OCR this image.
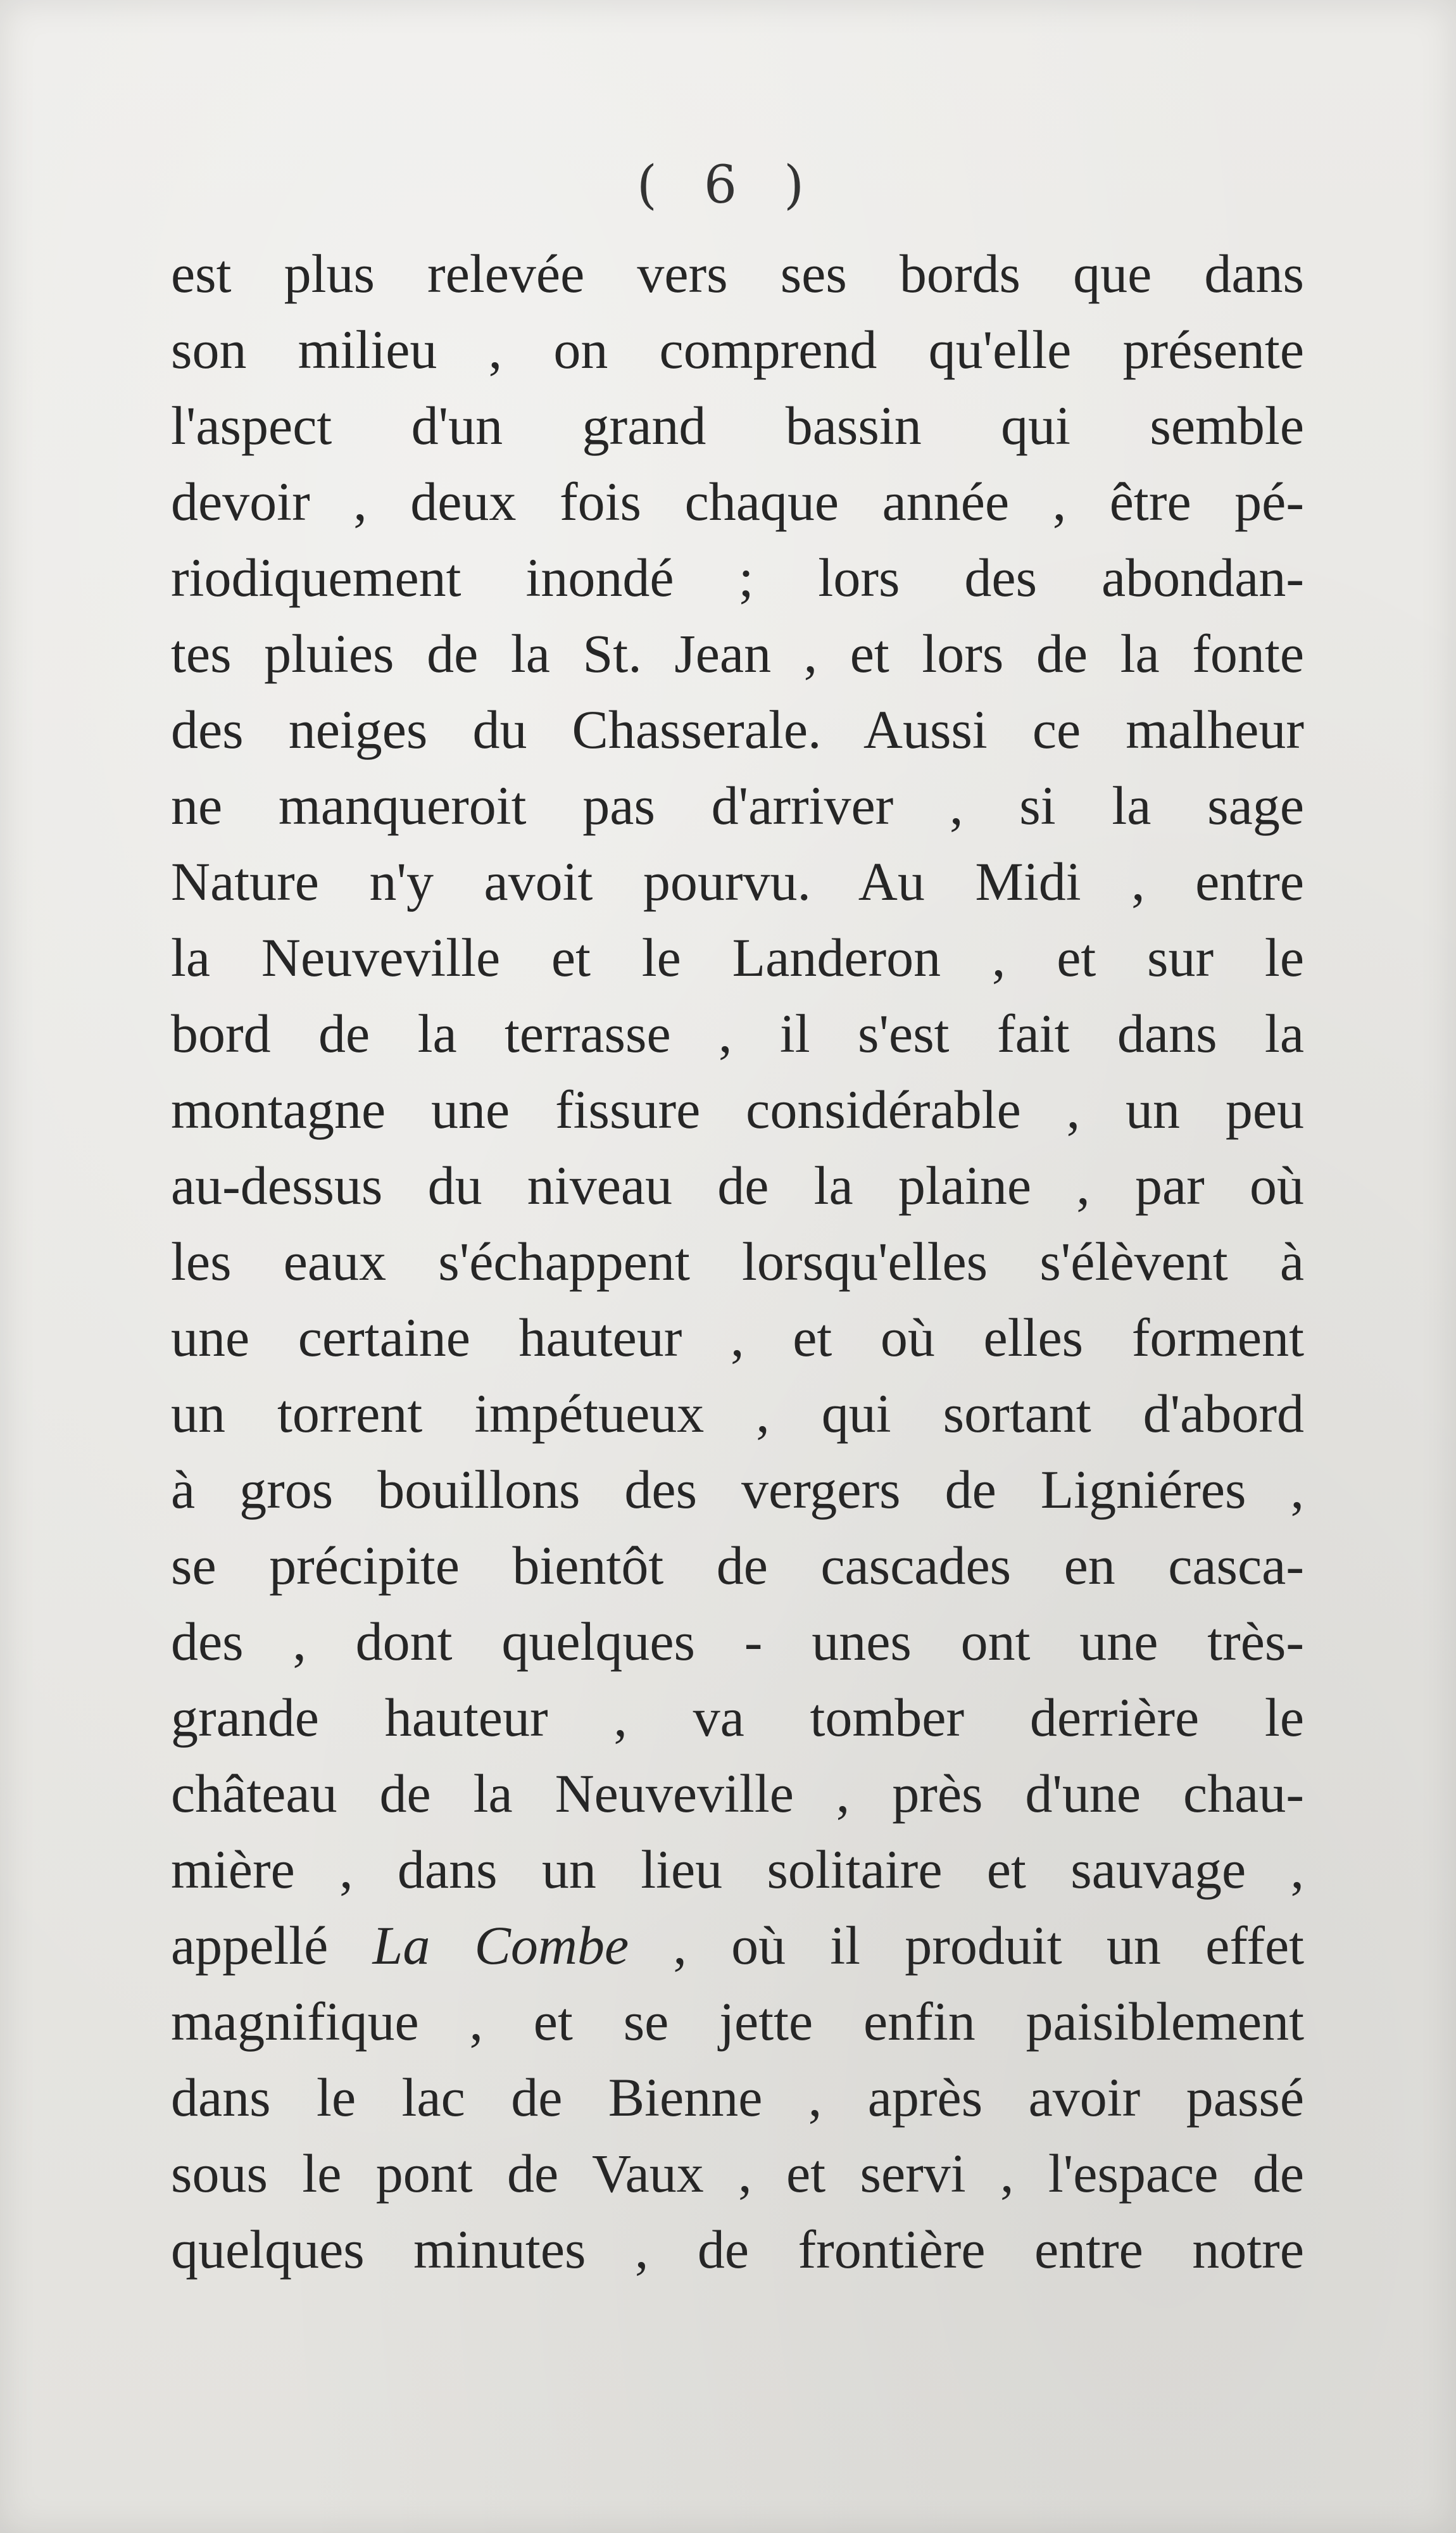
( 6 )
est plus relevée vers ses bords que dans
son milieu , on comprend qu'elle présente
l'aspect d'un grand bassin qui semble
devoir , deux fois chaque année , être pé-
riodiquement inondé ; lors des abondan-
tes pluies de la St. Jean , et lors de la fonte
des neiges du Chasserale. Aussi ce malheur
ne manqueroit pas d'arriver , si la sage
Nature n'y avoit pourvu. Au Midi , entre
la Neuveville et le Landeron , et sur le
bord de la terrasse , il s'est fait dans la
montagne une fissure considérable , un peu
au-dessus du niveau de la plaine , par où
les eaux s'échappent lorsqu'elles s'élèvent à
une certaine hauteur , et où elles forment
un torrent impétueux , qui sortant d'abord
à gros bouillons des vergers de Ligniéres ,
se précipite bientôt de cascades en casca-
des , dont quelques - unes ont une très-
grande hauteur , va tomber derrière le
château de la Neuveville , près d'une chau-
mière , dans un lieu solitaire et sauvage ,
appellé La Combe , où il produit un effet
magnifique , et se jette enfin paisiblement
dans le lac de Bienne , après avoir passé
sous le pont de Vaux , et servi , l'espace de
quelques minutes , de frontière entre notre
